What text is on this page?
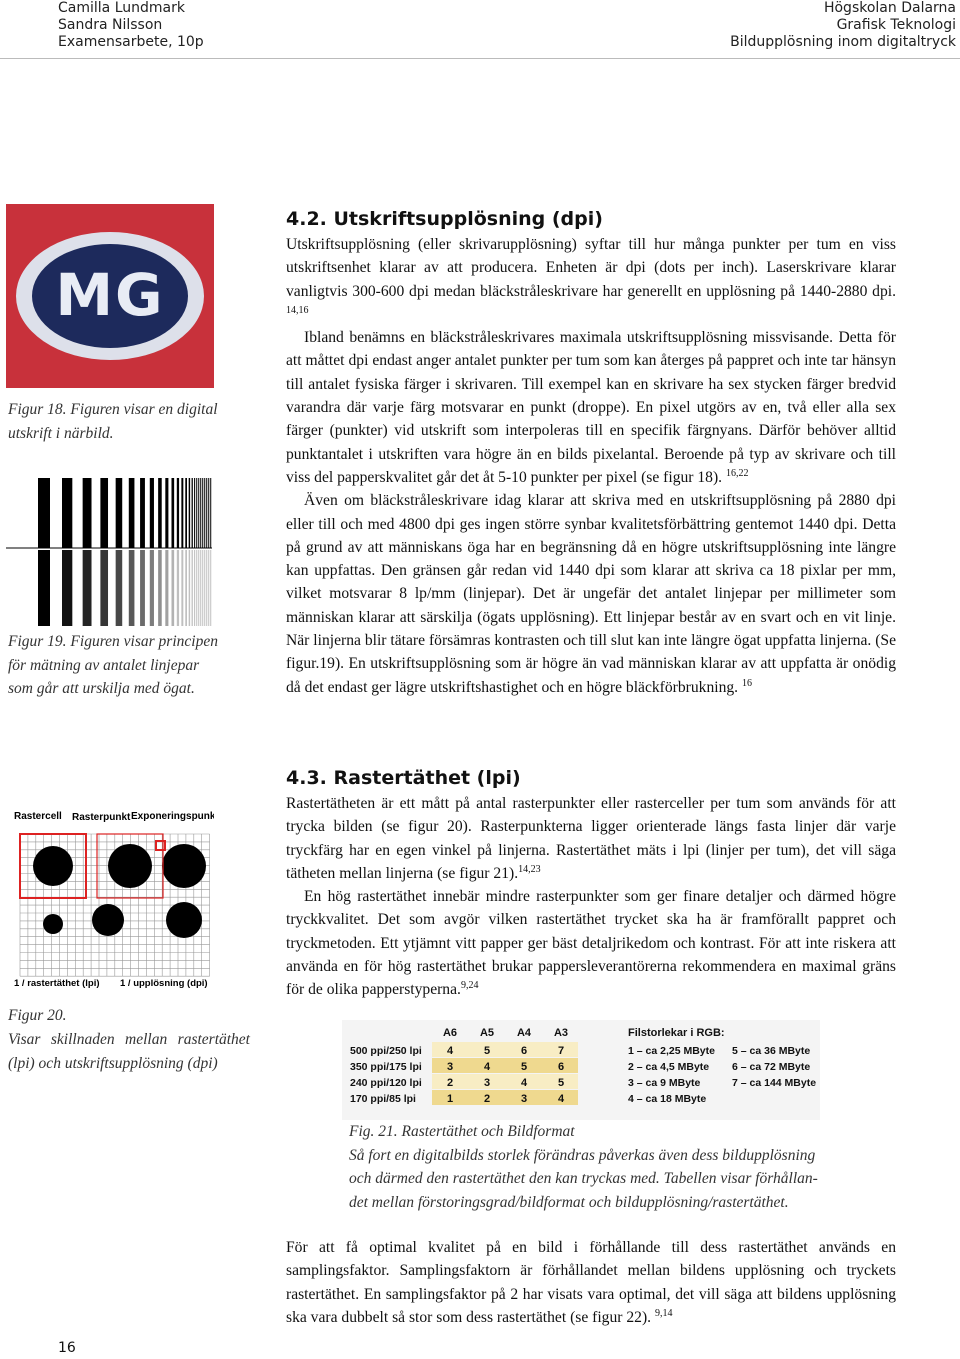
Camilla Lundmark
Sandra Nilsson
Examensarbete, 10p
Högskolan Dalarna
Grafisk Teknologi
Bildupplösning inom digitaltryck
MG
Figur 18. Figuren visar en digital utskrift i närbild.
Figur 19. Figuren visar principen för mätning av antalet linjepar som går att urskilja med ögat.
Rastercell Rasterpunkt Exponeringspunkt
1 / rastertäthet (lpi) 1 / upplösning (dpi)
Figur 20.
Visar skillnaden mellan rastertäthet (lpi) och utskriftsupplösning (dpi)
4.2. Utskriftsupplösning (dpi)

Utskriftsupplösning (eller skrivarupplösning) syftar till hur många punkter per tum en viss utskriftsenhet klarar av att producera. Enheten är dpi (dots per inch). Laserskrivare klarar vanligtvis 300-600 dpi medan bläckstråleskrivare har generellt en upplösning på 1440-2880 dpi. $^{14,16}$

Ibland benämns en bläckstråleskrivares maximala utskriftsupplösning missvisande. Detta för att måttet dpi endast anger antalet punkter per tum som kan återges på pappret och inte tar hänsyn till antalet fysiska färger i skrivaren. Till exempel kan en skrivare ha sex stycken färger bredvid varandra där varje färg motsvarar en punkt (droppe). En pixel utgörs av en, två eller alla sex färger (punkter) vid utskrift som interpoleras till en specifik färgnyans. Därför behöver alltid punktantalet i utskriften vara högre än en bilds pixelantal. Beroende på typ av skrivare och till viss del papperskvalitet går det åt 5-10 punkter per pixel (se figur 18). $^{16,22}$

Även om bläckstråleskrivare idag klarar att skriva med en utskriftsupplösning på 2880 dpi eller till och med 4800 dpi ges ingen större synbar kvalitetsförbättring gentemot 1440 dpi. Detta på grund av att människans öga har en begränsning då en högre utskriftsupplösning inte längre kan uppfattas. Den gränsen går redan vid 1440 dpi som klarar att skriva ca 18 pixlar per mm, vilket motsvarar 8 lp/mm (linjepar). Det är ungefär det antalet linjepar per millimeter som människan klarar att särskilja (ögats upplösning). Ett linjepar består av en svart och en vit linje. När linjerna blir tätare försämras kontrasten och till slut kan inte längre ögat uppfatta linjerna. (Se figur.19). En utskriftsupplösning som är högre än vad människan klarar av att uppfatta är onödig då det endast ger lägre utskriftshastighet och en högre bläckförbrukning. $^{16}$

4.3. Rastertäthet (lpi)

Rastertätheten är ett mått på antal rasterpunkter eller rasterceller per tum som används för att trycka bilden (se figur 20). Rasterpunkterna ligger orienterade längs fasta linjer där varje tryckfärg har en egen vinkel på linjerna. Rastertäthet mäts i lpi (linjer per tum), det vill säga tätheten mellan linjerna (se figur 21).$^{14,23}$

En hög rastertäthet innebär mindre rasterpunkter som ger finare detaljer och därmed högre tryckkvalitet. Det som avgör vilken rastertäthet trycket ska ha är framförallt pappret och tryckmetoden. Ett ytjämnt vitt papper ger bäst detaljrikedom och kontrast. För att inte riskera att använda en för hög rastertäthet brukar pappersleverantörerna rekommendera en maximal gräns för de olika papperstyperna.$^{9,24}$

A6 A5 A4 A3
500 ppi/250 lpi 4	5	6	7
350 ppi/175 lpi 3	4	5	6
240 ppi/120 lpi 2	3	4	5
170 ppi/85 lpi	1	2	3	4
Filstorlekar i RGB:
1 – ca 2,25 MByte
2 – ca 4,5 MByte
3 – ca 9 MByte
4 – ca 18 MByte
5 – ca 36 MByte
6 – ca 72 MByte
7 – ca 144 MByte
Fig. 21. Rastertäthet och Bildformat
Så fort en digitalbilds storlek förändras påverkas även dess bildupplösning
och därmed den rastertäthet den kan tryckas med. Tabellen visar förhållan-
det mellan förstoringsgrad/bildformat och bildupplösning/rastertäthet.

För att få optimal kvalitet på en bild i förhållande till dess rastertäthet används en samplingsfaktor. Samplingsfaktorn är förhållandet mellan bildens upplösning och tryckets rastertäthet. En samplingsfaktor på 2 har visats vara optimal, det vill säga att bildens upplösning ska vara dubbelt så stor som dess rastertäthet (se figur 22). $^{9,14}$

16
